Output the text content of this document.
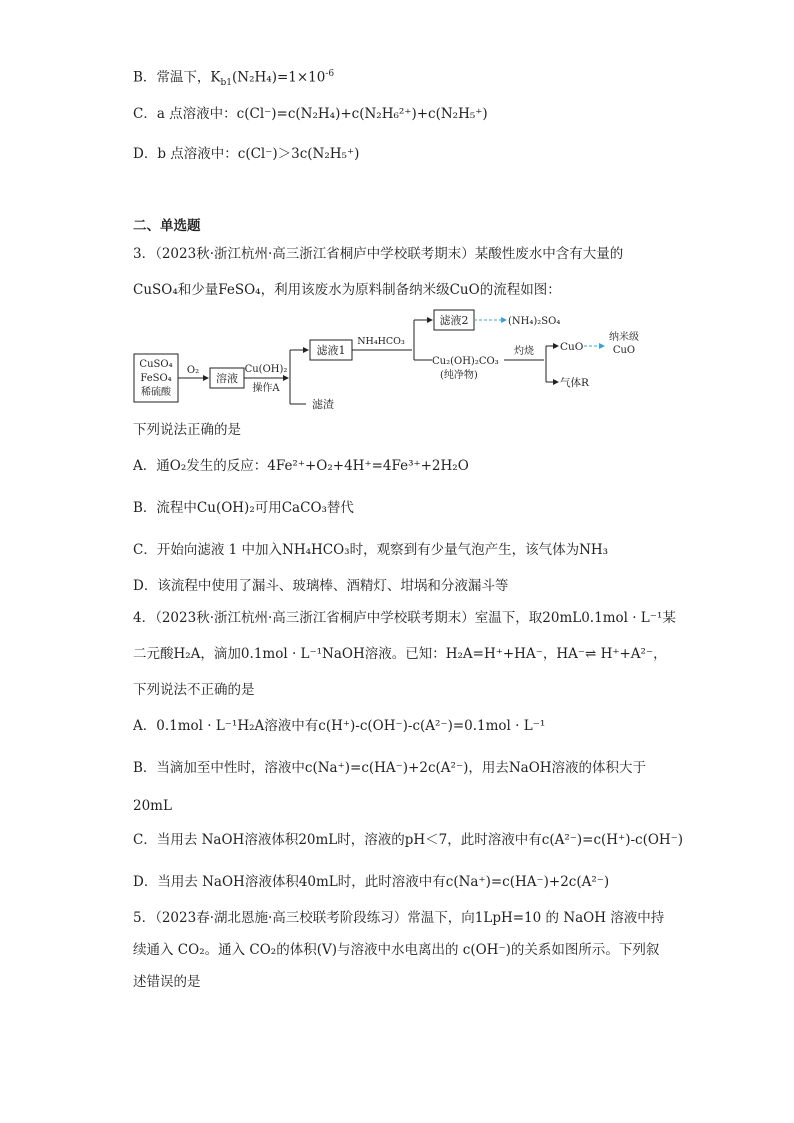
B．常温下，$K_{b1}(N_2H_4)=1\times 10^{-6}$
C．a 点溶液中：c(Cl⁻)=c(N₂H₄)+c(N₂H₆²⁺)+c(N₂H₅⁺)
D．b 点溶液中：c(Cl⁻)＞3c(N₂H₅⁺)
二、单选题
3．（2023秋·浙江杭州·高三浙江省桐庐中学校联考期末）某酸性废水中含有大量的
CuSO₄和少量FeSO₄，利用该废水为原料制备纳米级CuO的流程如图：
CuSO₄
FeSO₄
稀硫酸
O₂
溶液
Cu(OH)₂
操作A
滤渣
滤液1
NH₄HCO₃
滤液2	(NH₄)₂SO₄
Cu₂(OH)₂CO₃
(纯净物)
灼烧 CuO
纳米级
CuO
气体R
下列说法正确的是
A．通O₂发生的反应：4Fe²⁺+O₂+4H⁺=4Fe³⁺+2H₂O
B．流程中Cu(OH)₂可用CaCO₃替代
C．开始向滤液 1 中加入NH₄HCO₃时，观察到有少量气泡产生，该气体为NH₃
D．该流程中使用了漏斗、玻璃棒、酒精灯、坩埚和分液漏斗等
4．（2023秋·浙江杭州·高三浙江省桐庐中学校联考期末）室温下，取20mL0.1mol · L⁻¹某
二元酸H₂A，滴加0.1mol · L⁻¹NaOH溶液。已知：H₂A=H⁺+HA⁻，HA⁻⇌ H⁺+A²⁻，
下列说法不正确的是
A．0.1mol · L⁻¹H₂A溶液中有c(H⁺)-c(OH⁻)-c(A²⁻)=0.1mol · L⁻¹
B．当滴加至中性时，溶液中c(Na⁺)=c(HA⁻)+2c(A²⁻)，用去NaOH溶液的体积大于
20mL
C．当用去 NaOH溶液体积20mL时，溶液的pH＜7，此时溶液中有c(A²⁻)=c(H⁺)-c(OH⁻)
D．当用去 NaOH溶液体积40mL时，此时溶液中有c(Na⁺)=c(HA⁻)+2c(A²⁻)
5．（2023春·湖北恩施·高三校联考阶段练习）常温下，向1LpH=10 的 NaOH 溶液中持
续通入 CO₂。通入 CO₂的体积(V)与溶液中水电离出的 c(OH⁻)的关系如图所示。下列叙
述错误的是
